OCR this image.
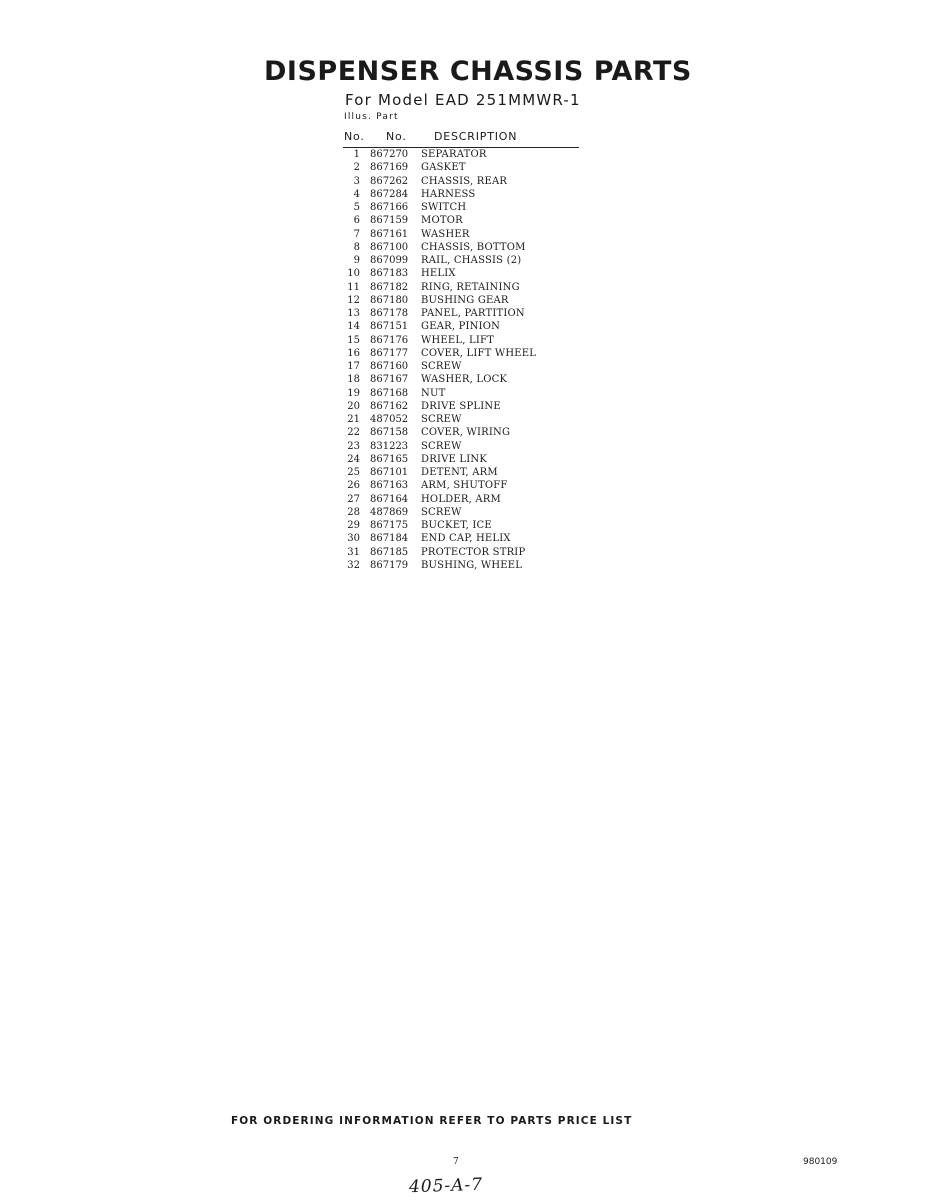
DISPENSER CHASSIS PARTS
For Model EAD 251MMWR-1
Illus. Part
No. No. DESCRIPTION
1 867270 SEPARATOR
2 867169 GASKET
3 867262 CHASSIS, REAR
4 867284 HARNESS
5 867166 SWITCH
6 867159 MOTOR
7 867161 WASHER
8 867100 CHASSIS, BOTTOM
9 867099 RAIL, CHASSIS (2)
10 867183 HELIX
11 867182 RING, RETAINING
12 867180 BUSHING GEAR
13 867178 PANEL, PARTITION
14 867151 GEAR, PINION
15 867176 WHEEL, LIFT
16 867177 COVER, LIFT WHEEL
17 867160 SCREW
18 867167 WASHER, LOCK
19 867168 NUT
20 867162 DRIVE SPLINE
21 487052 SCREW
22 867158 COVER, WIRING
23 831223 SCREW
24 867165 DRIVE LINK
25 867101 DETENT, ARM
26 867163 ARM, SHUTOFF
27 867164 HOLDER, ARM
28 487869 SCREW
29 867175 BUCKET, ICE
30 867184 END CAP, HELIX
31 867185 PROTECTOR STRIP
32 867179 BUSHING, WHEEL
FOR ORDERING INFORMATION REFER TO PARTS PRICE LIST
7	980109
405-A-7
